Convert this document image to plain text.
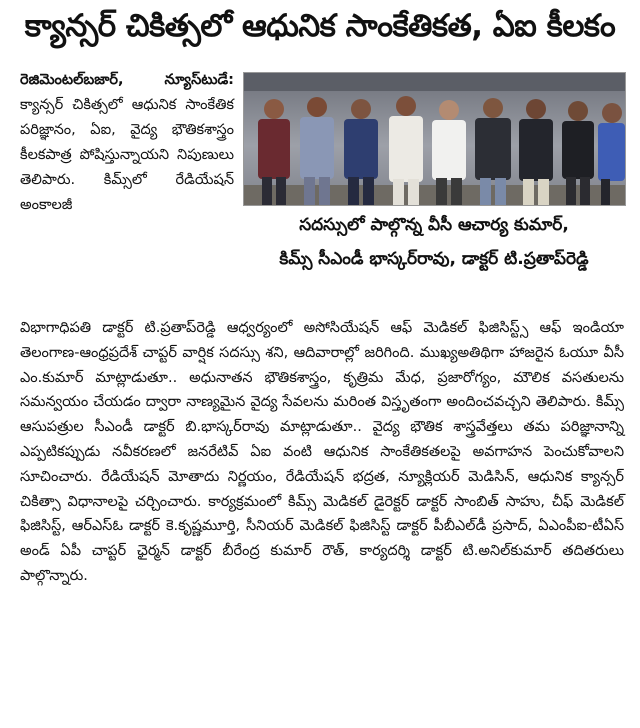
క్యాన్సర్ చికిత్సలో ఆధునిక సాంకేతికత, ఏఐ కీలకం
రెజిమెంటల్‌బజార్, న్యూస్‌టుడే: క్యాన్సర్ చికిత్సలో ఆధునిక సాంకేతిక పరిజ్ఞానం, ఏఐ, వైద్య భౌతికశాస్త్రం కీలకపాత్ర పోషిస్తున్నాయని నిపుణులు తెలిపారు. కిమ్స్‌లో రేడియేషన్ అంకాలజీ
సదస్సులో పాల్గొన్న వీసీ ఆచార్య కుమార్,
కిమ్స్ సీఎండీ భాస్కర్‌రావు, డాక్టర్ టి.ప్రతాప్‌రెడ్డి
విభాగాధిపతి డాక్టర్ టి.ప్రతాప్‌రెడ్డి ఆధ్వర్యంలో అసోసియేషన్ ఆఫ్ మెడికల్ ఫిజిసిస్ట్స్ ఆఫ్ ఇండియా తెలంగాణ-ఆంధ్రప్రదేశ్ చాప్టర్ వార్షిక సదస్సు శని, ఆదివారాల్లో జరిగింది. ముఖ్యఅతిథిగా హాజరైన ఓయూ వీసీ ఎం.కుమార్ మాట్లాడుతూ.. అధునాతన భౌతికశాస్త్రం, కృత్రిమ మేధ, ప్రజారోగ్యం, మౌలిక వసతులను సమన్వయం చేయడం ద్వారా నాణ్యమైన వైద్య సేవలను మరింత విస్తృతంగా అందించవచ్చని తెలిపారు. కిమ్స్ ఆసుపత్రుల సీఎండీ డాక్టర్ బి.భాస్కర్‌రావు మాట్లాడుతూ.. వైద్య భౌతిక శాస్త్రవేత్తలు తమ పరిజ్ఞానాన్ని ఎప్పటికప్పుడు నవీకరణలో జనరేటివ్ ఏఐ వంటి ఆధునిక సాంకేతికతలపై అవగాహన పెంచుకోవాలని సూచించారు. రేడియేషన్ మోతాదు నిర్ణయం, రేడియేషన్ భద్రత, న్యూక్లియర్ మెడిసిన్, ఆధునిక క్యాన్సర్ చికిత్సా విధానాలపై చర్చించారు. కార్యక్రమంలో కిమ్స్ మెడికల్ డైరెక్టర్ డాక్టర్ సాంబిత్ సాహు, చీఫ్ మెడికల్ ఫిజిసిస్ట్, ఆర్ఎస్ఓ డాక్టర్ కె.కృష్ణమూర్తి, సీనియర్ మెడికల్ ఫిజిసిస్ట్ డాక్టర్ పీబీఎల్‌డీ ప్రసాద్, ఏఎంపీఐ-టీఏస్ అండ్ ఏపీ చాప్టర్ ఛైర్మన్ డాక్టర్ బీరేంద్ర కుమార్ రౌత్, కార్యదర్శి డాక్టర్ టి.అనిల్‌కుమార్ తదితరులు పాల్గొన్నారు.
